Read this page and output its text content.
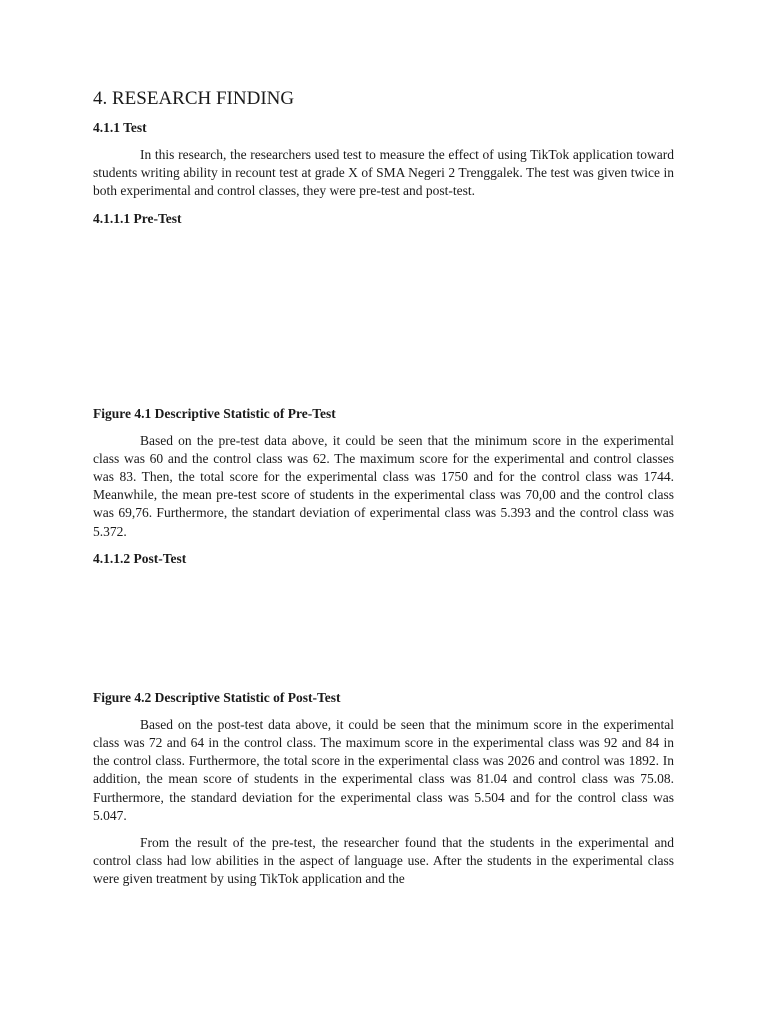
4. RESEARCH FINDING
4.1.1 Test

In this research, the researchers used test to measure the effect of using TikTok application toward students writing ability in recount test at grade X of SMA Negeri 2 Trenggalek. The test was given twice in both experimental and control classes, they were pre-test and post-test.

4.1.1.1 Pre-Test
Figure 4.1 Descriptive Statistic of Pre-Test

Based on the pre-test data above, it could be seen that the minimum score in the experimental class was 60 and the control class was 62. The maximum score for the experimental and control classes was 83. Then, the total score for the experimental class was 1750 and for the control class was 1744. Meanwhile, the mean pre-test score of students in the experimental class was 70,00 and the control class was 69,76. Furthermore, the standart deviation of experimental class was 5.393 and the control class was 5.372.

4.1.1.2 Post-Test
Figure 4.2 Descriptive Statistic of Post-Test

Based on the post-test data above, it could be seen that the minimum score in the experimental class was 72 and 64 in the control class. The maximum score in the experimental class was 92 and 84 in the control class. Furthermore, the total score in the experimental class was 2026 and control was 1892. In addition, the mean score of students in the experimental class was 81.04 and control class was 75.08. Furthermore, the standard deviation for the experimental class was 5.504 and for the control class was 5.047.

From the result of the pre-test, the researcher found that the students in the experimental and control class had low abilities in the aspect of language use. After the students in the experimental class were given treatment by using TikTok application and the
